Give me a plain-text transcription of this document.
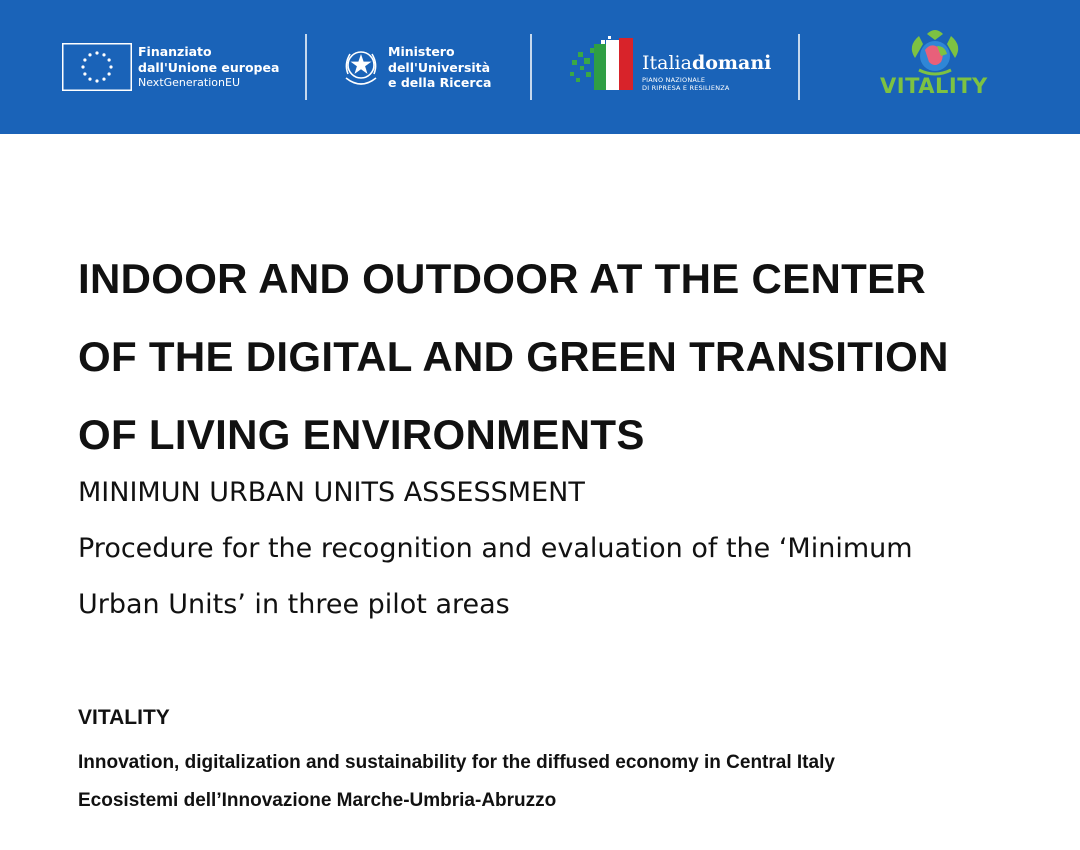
Finanziato
dall'Unione europea
NextGenerationEU
Ministero
dell'Università
e della Ricerca
Italiadomani
PIANO NAZIONALE
DI RIPRESA E RESILIENZA	VITALITY
INDOOR AND OUTDOOR AT THE CENTER
OF THE DIGITAL AND GREEN TRANSITION
OF LIVING ENVIRONMENTS
MINIMUN URBAN UNITS ASSESSMENT
Procedure for the recognition and evaluation of the ‘Minimum
Urban Units’ in three pilot areas
VITALITY
Innovation, digitalization and sustainability for the diffused economy in Central Italy
Ecosistemi dell’Innovazione Marche-Umbria-Abruzzo
